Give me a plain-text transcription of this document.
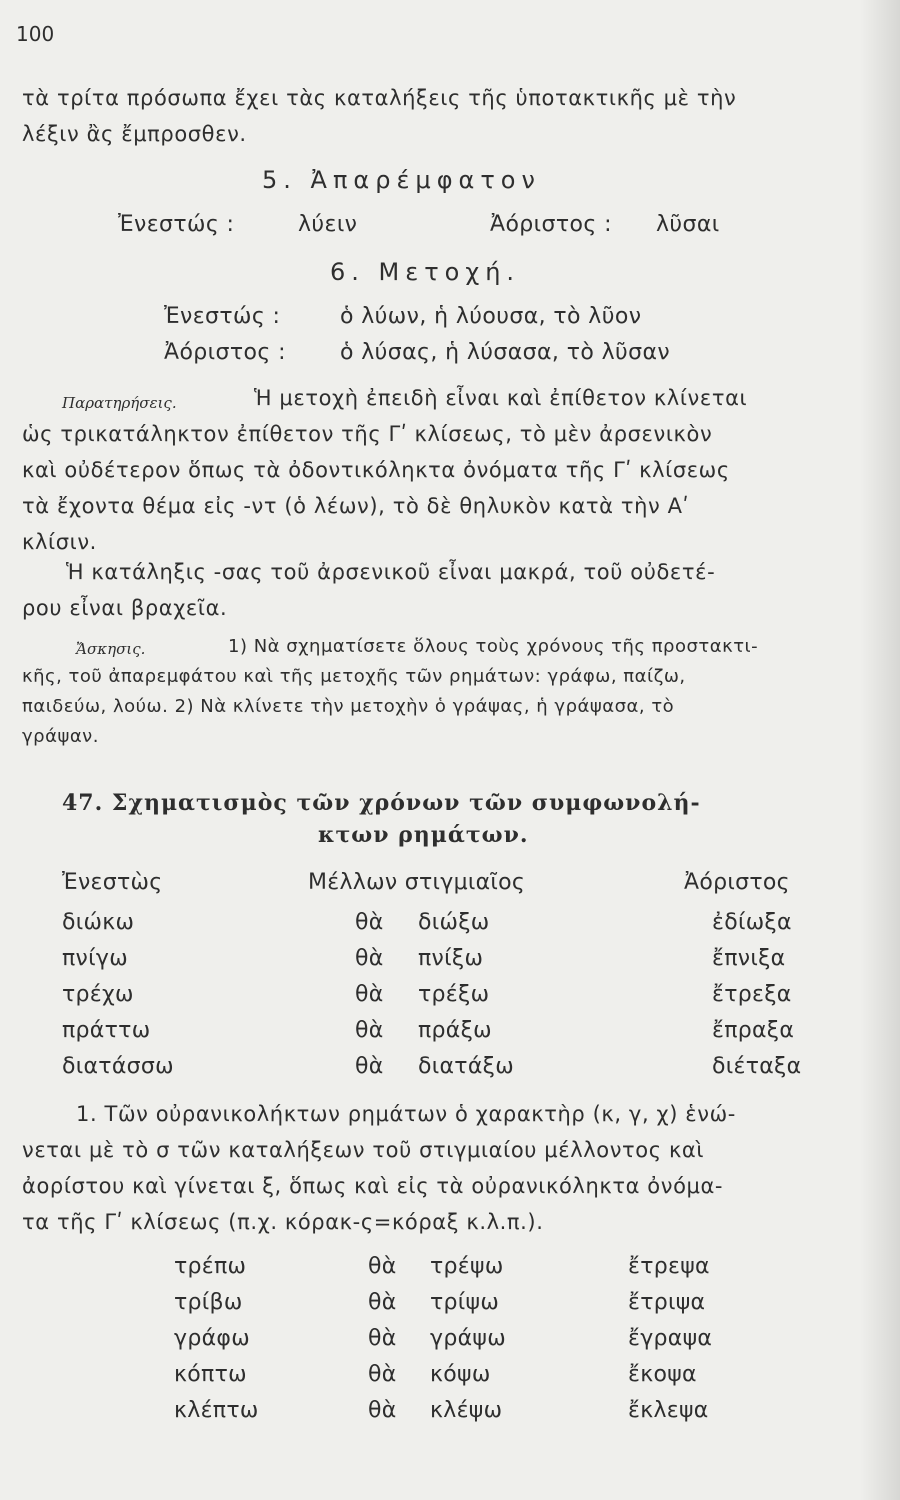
100
τὰ τρίτα πρόσωπα ἔχει τὰς καταλήξεις τῆς ὑποτακτικῆς μὲ τὴν
λέξιν ἂς ἔμπροσθεν.
5. Ἀπαρέμφατον
Ἐνεστώς :	λύειν	Ἀόριστος : λῦσαι
6. Μετοχή.
Ἐνεστώς :	ὁ λύων, ἡ λύουσα, τὸ λῦον
Ἀόριστος : ὁ λύσας, ἡ λύσασα, τὸ λῦσαν
Παρατηρήσεις.	Ἡ μετοχὴ ἐπειδὴ εἶναι καὶ ἐπίθετον κλίνεται
ὡς τρικατάληκτον ἐπίθετον τῆς Γʹ κλίσεως, τὸ μὲν ἀρσενικὸν
καὶ οὐδέτερον ὅπως τὰ ὀδοντικόληκτα ὀνόματα τῆς Γʹ κλίσεως
τὰ ἔχοντα θέμα εἰς -ντ (ὁ λέων), τὸ δὲ θηλυκὸν κατὰ τὴν Αʹ
κλίσιν.
Ἡ κατάληξις -σας τοῦ ἀρσενικοῦ εἶναι μακρά, τοῦ οὐδετέ-
ρου εἶναι βραχεῖα.
Ἄσκησις.	1) Νὰ σχηματίσετε ὅλους τοὺς χρόνους τῆς προστακτι-
κῆς, τοῦ ἀπαρεμφάτου καὶ τῆς μετοχῆς τῶν ρημάτων: γράφω, παίζω,
παιδεύω, λούω. 2) Νὰ κλίνετε τὴν μετοχὴν ὁ γράψας, ἡ γράψασα, τὸ
γράψαν.
47. Σχηματισμὸς τῶν χρόνων τῶν συμφωνολή-
κτων ρημάτων.
Ἐνεστὼς	Μέλλων στιγμιαῖος	Ἀόριστος
διώκω	θὰ διώξω	ἐδίωξα
πνίγω	θὰ πνίξω	ἔπνιξα
τρέχω	θὰ τρέξω	ἔτρεξα
πράττω	θὰ πράξω	ἔπραξα
διατάσσω	θὰ διατάξω	διέταξα
1. Τῶν οὐρανικολήκτων ρημάτων ὁ χαρακτὴρ (κ, γ, χ) ἑνώ-
νεται μὲ τὸ σ τῶν καταλήξεων τοῦ στιγμιαίου μέλλοντος καὶ
ἀορίστου καὶ γίνεται ξ, ὅπως καὶ εἰς τὰ οὐρανικόληκτα ὀνόμα-
τα τῆς Γʹ κλίσεως (π.χ. κόρακ-ς=κόραξ κ.λ.π.).
τρέπω	θὰ τρέψω	ἔτρεψα
τρίβω	θὰ τρίψω	ἔτριψα
γράφω	θὰ γράψω	ἔγραψα
κόπτω	θὰ κόψω	ἔκοψα
κλέπτω	θὰ κλέψω	ἔκλεψα
